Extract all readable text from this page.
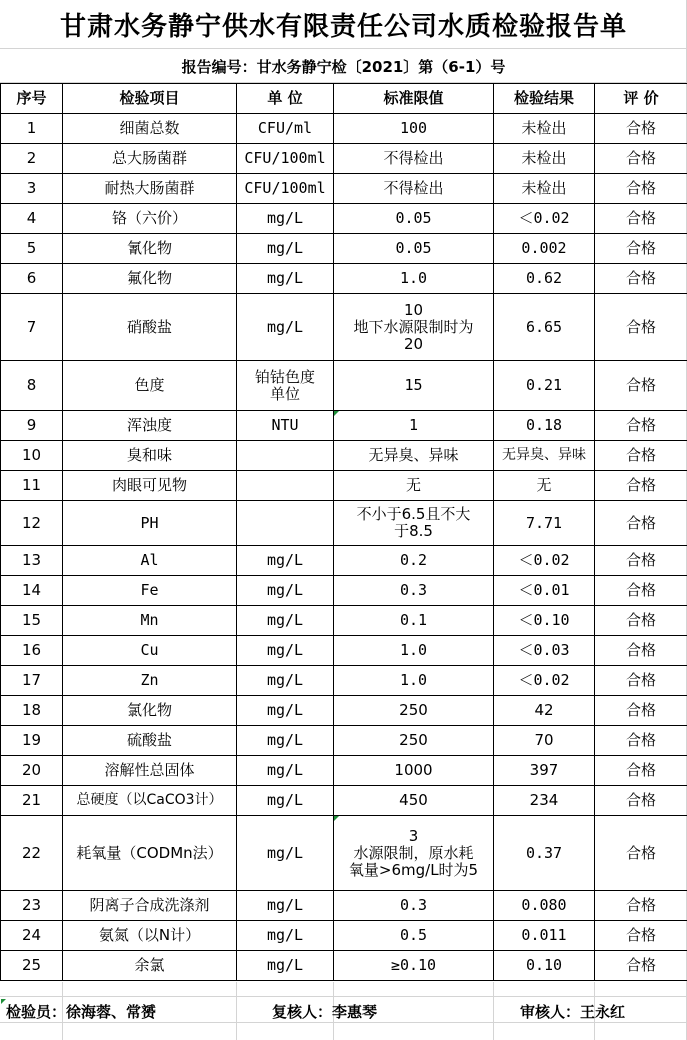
甘肃水务静宁供水有限责任公司水质检验报告单
报告编号：甘水务静宁检〔2021〕第（6-1）号
序号	检验项目	单 位	标准限值	检验结果	评 价
1	细菌总数	CFU/ml	100	未检出	合格
2	总大肠菌群	CFU/100ml	不得检出	未检出	合格
3	耐热大肠菌群	CFU/100ml	不得检出	未检出	合格
4	铬（六价）	mg/L	0.05	＜0.02	合格
5	氰化物	mg/L	0.05	0.002	合格
6	氟化物	mg/L	1.0	0.62	合格
7	硝酸盐	mg/L	10
地下水源限制时为
20	6.65	合格
8	色度	铂钴色度
单位	15	0.21	合格
9	浑浊度	NTU	1	0.18	合格
10	臭和味		无异臭、异味	无异臭、异味	合格
11	肉眼可见物		无	无	合格
12	PH		不小于6.5且不大
于8.5	7.71	合格
13	Al	mg/L	0.2	＜0.02	合格
14	Fe	mg/L	0.3	＜0.01	合格
15	Mn	mg/L	0.1	＜0.10	合格
16	Cu	mg/L	1.0	＜0.03	合格
17	Zn	mg/L	1.0	＜0.02	合格
18	氯化物	mg/L	250	42	合格
19	硫酸盐	mg/L	250	70	合格
20	溶解性总固体	mg/L	1000	397	合格
21	总硬度（以CaCO3计）	mg/L	450	234	合格
22	耗氧量（CODMn法）	mg/L	3
水源限制，原水耗
氧量>6mg/L时为5	0.37	合格
23	阴离子合成洗涤剂	mg/L	0.3	0.080	合格
24	氨氮（以N计）	mg/L	0.5	0.011	合格
25	余氯	mg/L	≥0.10	0.10	合格
检验员：徐海蓉、常赟	复核人：李惠琴	审核人：王永红
